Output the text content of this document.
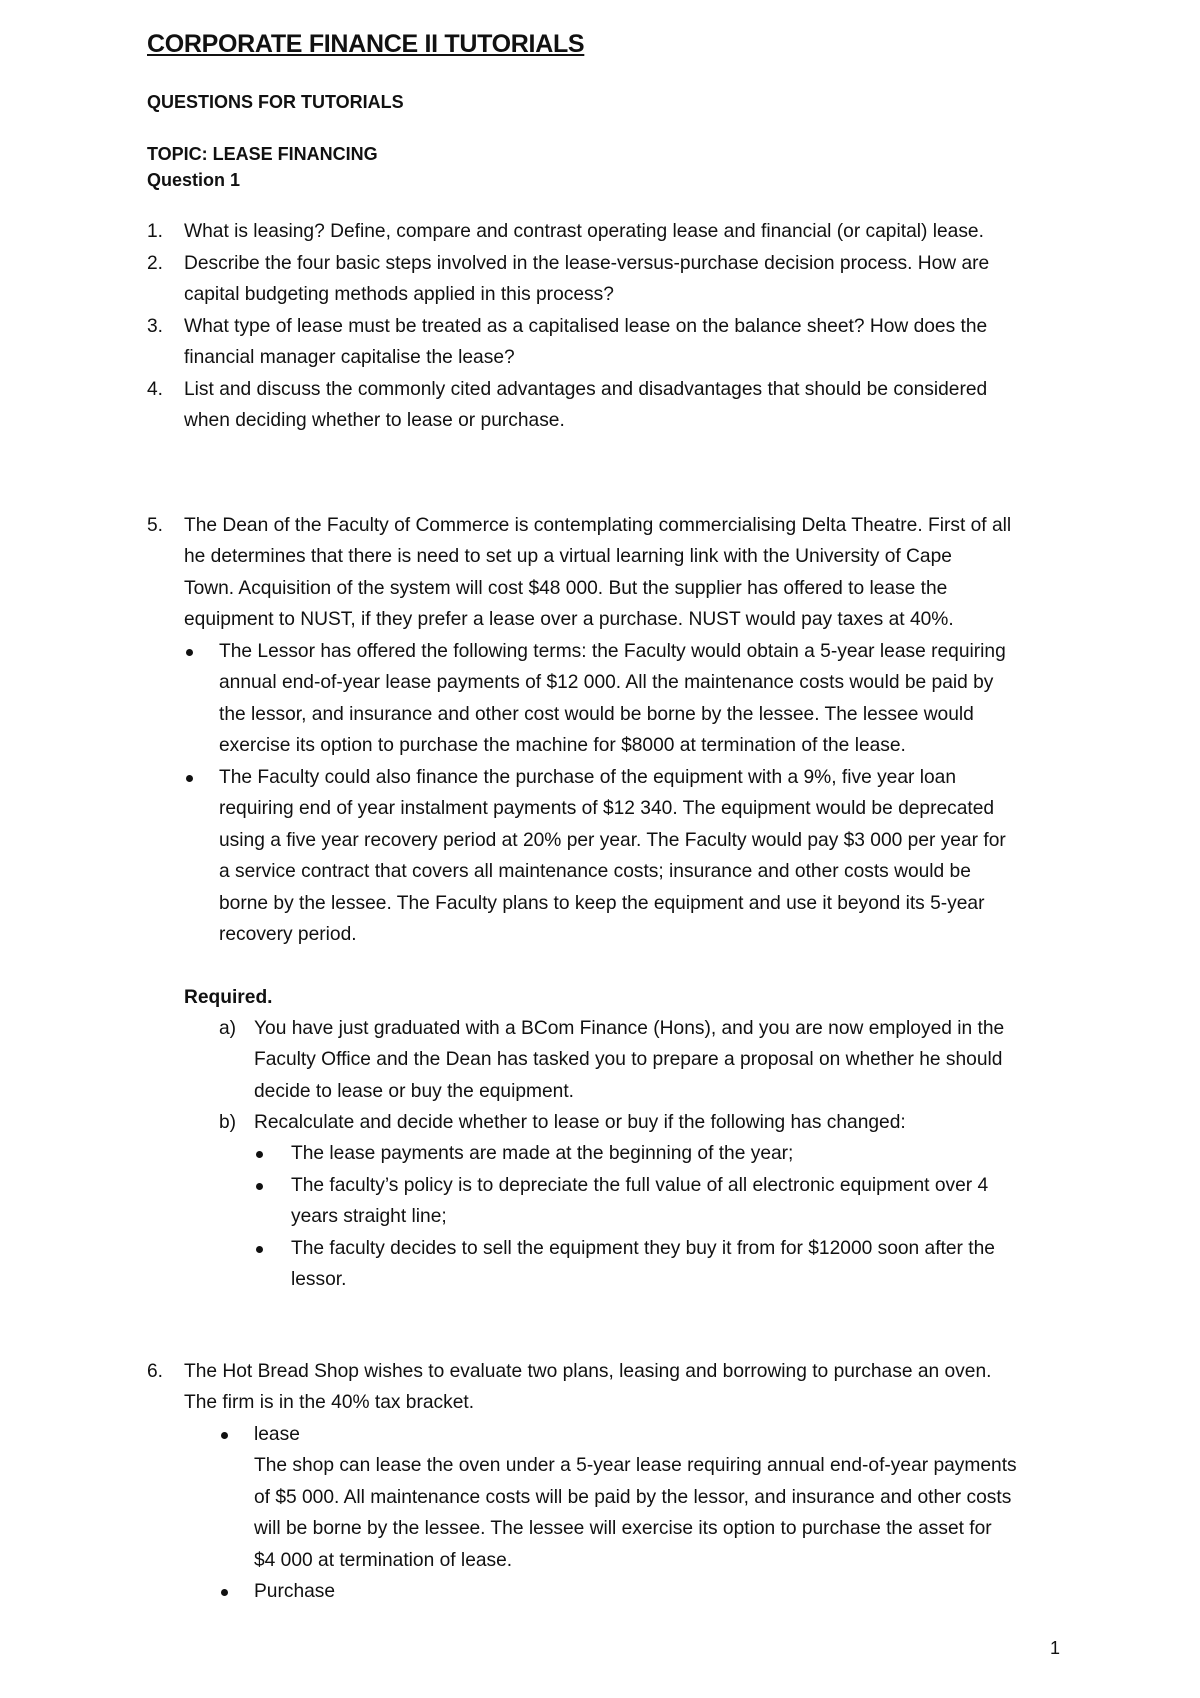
CORPORATE FINANCE II TUTORIALS
QUESTIONS FOR TUTORIALS
TOPIC: LEASE FINANCING
Question 1
1. What is leasing? Define, compare and contrast operating lease and financial (or capital) lease.
2. Describe the four basic steps involved in the lease-versus-purchase decision process. How are
capital budgeting methods applied in this process?
3. What type of lease must be treated as a capitalised lease on the balance sheet? How does the
financial manager capitalise the lease?
4. List and discuss the commonly cited advantages and disadvantages that should be considered
when deciding whether to lease or purchase.
5. The Dean of the Faculty of Commerce is contemplating commercialising Delta Theatre. First of all
he determines that there is need to set up a virtual learning link with the University of Cape
Town. Acquisition of the system will cost $48 000. But the supplier has offered to lease the
equipment to NUST, if they prefer a lease over a purchase. NUST would pay taxes at 40%.
The Lessor has offered the following terms: the Faculty would obtain a 5-year lease requiring
annual end-of-year lease payments of $12 000. All the maintenance costs would be paid by
the lessor, and insurance and other cost would be borne by the lessee. The lessee would
exercise its option to purchase the machine for $8000 at termination of the lease.
The Faculty could also finance the purchase of the equipment with a 9%, five year loan
requiring end of year instalment payments of $12 340. The equipment would be deprecated
using a five year recovery period at 20% per year. The Faculty would pay $3 000 per year for
a service contract that covers all maintenance costs; insurance and other costs would be
borne by the lessee. The Faculty plans to keep the equipment and use it beyond its 5-year
recovery period.
Required.
a) You have just graduated with a BCom Finance (Hons), and you are now employed in the
Faculty Office and the Dean has tasked you to prepare a proposal on whether he should
decide to lease or buy the equipment.
b) Recalculate and decide whether to lease or buy if the following has changed:
The lease payments are made at the beginning of the year;
The faculty’s policy is to depreciate the full value of all electronic equipment over 4
years straight line;
The faculty decides to sell the equipment they buy it from for $12000 soon after the
lessor.
6. The Hot Bread Shop wishes to evaluate two plans, leasing and borrowing to purchase an oven.
The firm is in the 40% tax bracket.
lease
The shop can lease the oven under a 5-year lease requiring annual end-of-year payments
of $5 000. All maintenance costs will be paid by the lessor, and insurance and other costs
will be borne by the lessee. The lessee will exercise its option to purchase the asset for
$4 000 at termination of lease.
Purchase
1
